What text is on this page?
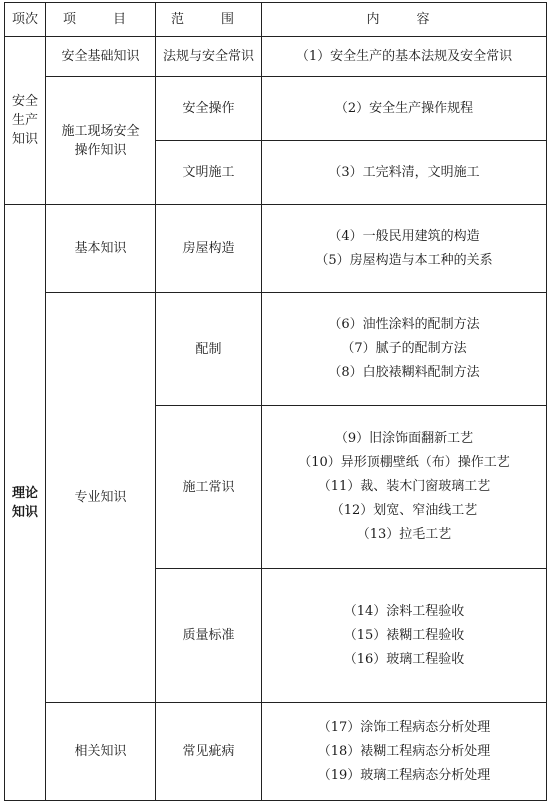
项次	项　目	范　围	内　容
安全生产知识	安全基础知识	法规与安全常识	（1）安全生产的基本法规及安全常识

	施工现场安全操作知识	安全操作	（2）安全生产操作规程

		文明施工	（3）工完料清，文明施工

理论知识	基本知识	房屋构造	（4）一般民用建筑的构造
（5）房屋构造与本工种的关系

	专业知识	配制	（6）油性涂料的配制方法
（7）腻子的配制方法
（8）白胶裱糊料配制方法

		施工常识	（9）旧涂饰面翻新工艺
（10）异形顶棚壁纸（布）操作工艺
（11）裁、装木门窗玻璃工艺
（12）划宽、窄油线工艺
（13）拉毛工艺

		质量标准	（14）涂料工程验收
（15）裱糊工程验收
（16）玻璃工程验收

	相关知识	常见疵病	（17）涂饰工程病态分析处理
（18）裱糊工程病态分析处理
（19）玻璃工程病态分析处理
